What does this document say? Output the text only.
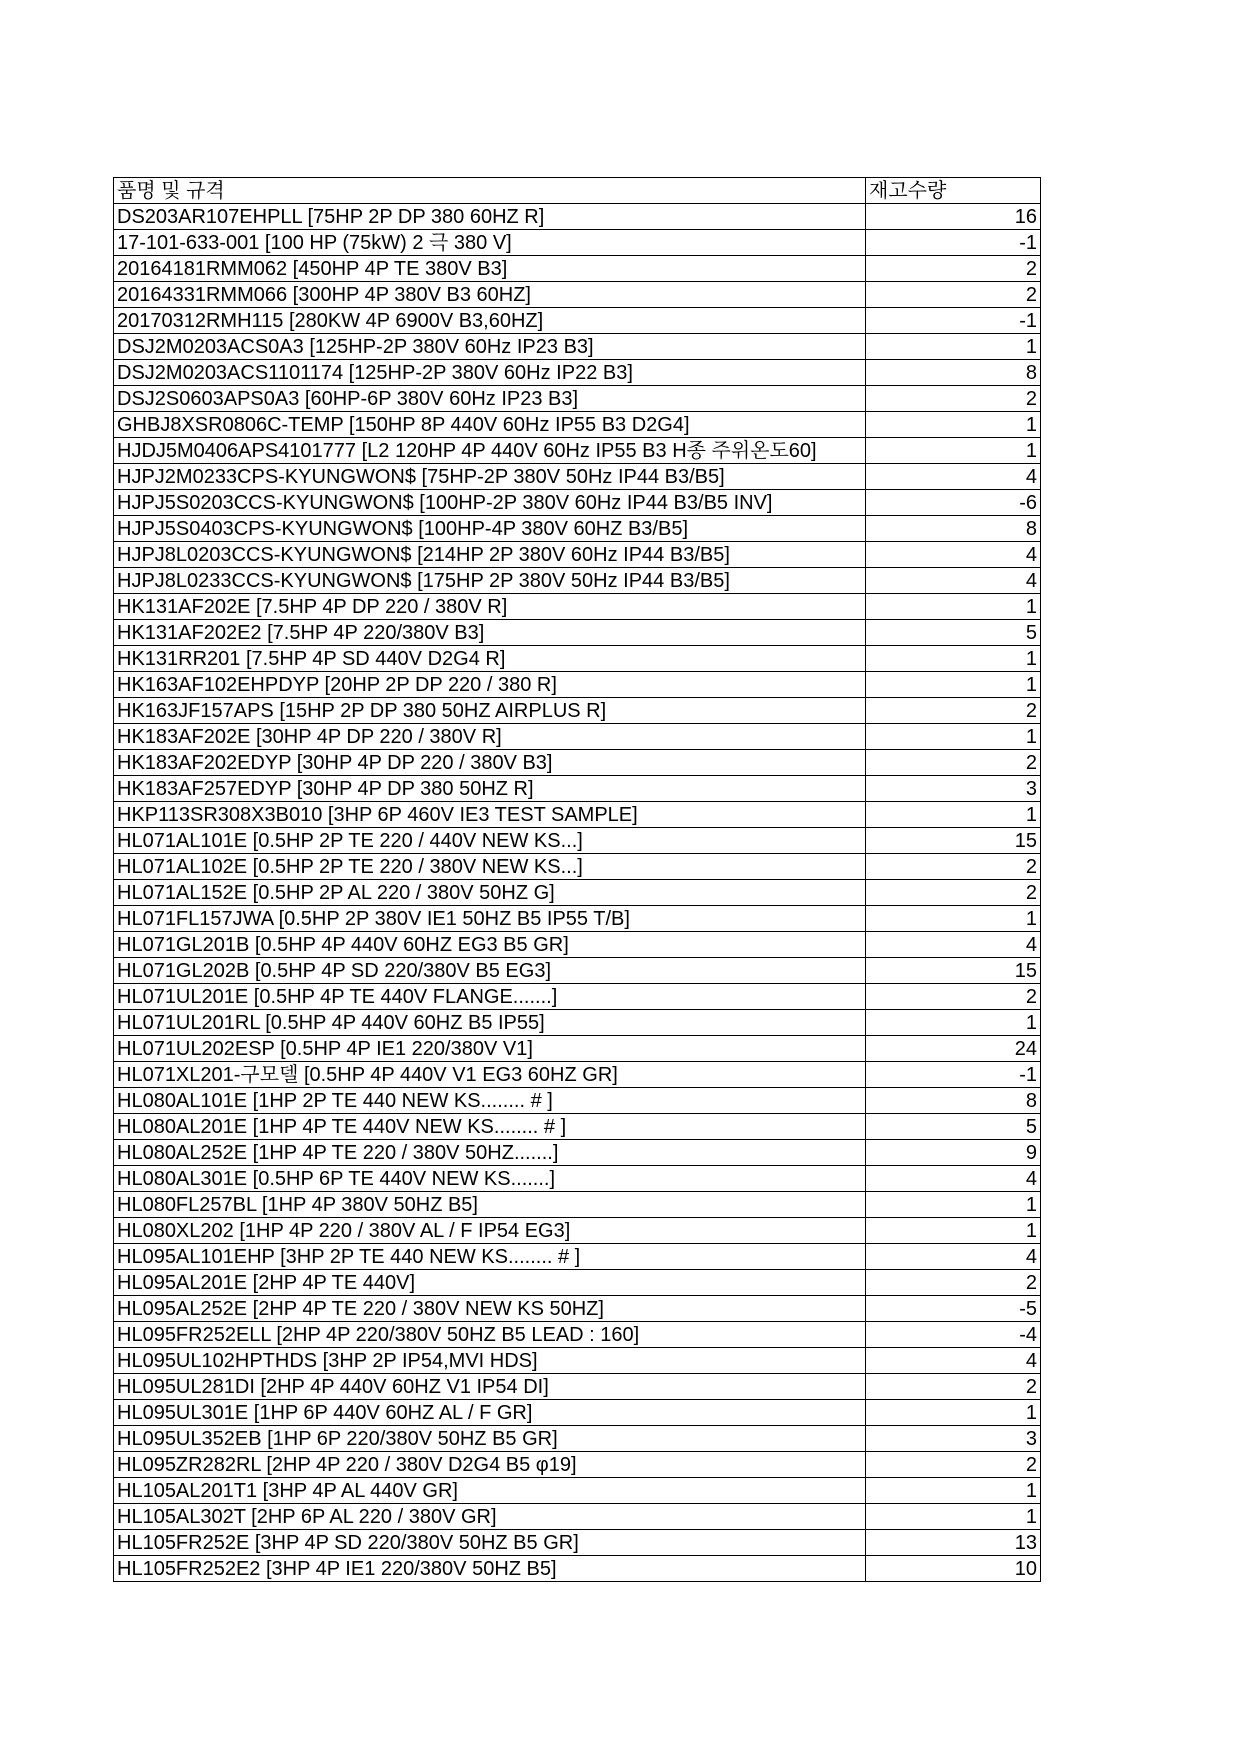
품명 및 규격	재고수량
DS203AR107EHPLL [75HP 2P DP 380 60HZ R]	16
17-101-633-001 [100 HP (75kW) 2 극 380 V]	-1
20164181RMM062 [450HP 4P TE 380V B3]	2
20164331RMM066 [300HP 4P 380V B3 60HZ]	2
20170312RMH115 [280KW 4P 6900V B3,60HZ]	-1
DSJ2M0203ACS0A3 [125HP-2P 380V 60Hz IP23 B3]	1
DSJ2M0203ACS1101174 [125HP-2P 380V 60Hz IP22 B3]	8
DSJ2S0603APS0A3 [60HP-6P 380V 60Hz IP23 B3]	2
GHBJ8XSR0806C-TEMP [150HP 8P 440V 60Hz IP55 B3 D2G4]	1
HJDJ5M0406APS4101777 [L2 120HP 4P 440V 60Hz IP55 B3 H종 주위온도60]	1
HJPJ2M0233CPS-KYUNGWON$ [75HP-2P 380V 50Hz IP44 B3/B5]	4
HJPJ5S0203CCS-KYUNGWON$ [100HP-2P 380V 60Hz IP44 B3/B5 INV]	-6
HJPJ5S0403CPS-KYUNGWON$ [100HP-4P 380V 60HZ B3/B5]	8
HJPJ8L0203CCS-KYUNGWON$ [214HP 2P 380V 60Hz IP44 B3/B5]	4
HJPJ8L0233CCS-KYUNGWON$ [175HP 2P 380V 50Hz IP44 B3/B5]	4
HK131AF202E [7.5HP 4P DP 220 / 380V R]	1
HK131AF202E2 [7.5HP 4P 220/380V B3]	5
HK131RR201 [7.5HP 4P SD 440V D2G4 R]	1
HK163AF102EHPDYP [20HP 2P DP 220 / 380 R]	1
HK163JF157APS [15HP 2P DP 380 50HZ AIRPLUS R]	2
HK183AF202E [30HP 4P DP 220 / 380V R]	1
HK183AF202EDYP [30HP 4P DP 220 / 380V B3]	2
HK183AF257EDYP [30HP 4P DP 380 50HZ R]	3
HKP113SR308X3B010 [3HP 6P 460V IE3 TEST SAMPLE]	1
HL071AL101E [0.5HP 2P TE 220 / 440V NEW KS...]	15
HL071AL102E [0.5HP 2P TE 220 / 380V NEW KS...]	2
HL071AL152E [0.5HP 2P AL 220 / 380V 50HZ G]	2
HL071FL157JWA [0.5HP 2P 380V IE1 50HZ B5 IP55 T/B]	1
HL071GL201B [0.5HP 4P 440V 60HZ EG3 B5 GR]	4
HL071GL202B [0.5HP 4P SD 220/380V B5 EG3]	15
HL071UL201E [0.5HP 4P TE 440V FLANGE.......]	2
HL071UL201RL [0.5HP 4P 440V 60HZ B5 IP55]	1
HL071UL202ESP [0.5HP 4P IE1 220/380V V1]	24
HL071XL201-구모델 [0.5HP 4P 440V V1 EG3 60HZ GR]	-1
HL080AL101E [1HP 2P TE 440 NEW KS........ # ]	8
HL080AL201E [1HP 4P TE 440V NEW KS........ # ]	5
HL080AL252E [1HP 4P TE 220 / 380V 50HZ.......]	9
HL080AL301E [0.5HP 6P TE 440V NEW KS.......]	4
HL080FL257BL [1HP 4P 380V 50HZ B5]	1
HL080XL202 [1HP 4P 220 / 380V AL / F IP54 EG3]	1
HL095AL101EHP [3HP 2P TE 440 NEW KS........ # ]	4
HL095AL201E [2HP 4P TE 440V]	2
HL095AL252E [2HP 4P TE 220 / 380V NEW KS 50HZ]	-5
HL095FR252ELL [2HP 4P 220/380V 50HZ B5 LEAD : 160]	-4
HL095UL102HPTHDS [3HP 2P IP54,MVI HDS]	4
HL095UL281DI [2HP 4P 440V 60HZ V1 IP54 DI]	2
HL095UL301E [1HP 6P 440V 60HZ AL / F GR]	1
HL095UL352EB [1HP 6P 220/380V 50HZ B5 GR]	3
HL095ZR282RL [2HP 4P 220 / 380V D2G4 B5 φ19]	2
HL105AL201T1 [3HP 4P AL 440V GR]	1
HL105AL302T [2HP 6P AL 220 / 380V GR]	1
HL105FR252E [3HP 4P SD 220/380V 50HZ B5 GR]	13
HL105FR252E2 [3HP 4P IE1 220/380V 50HZ B5]	10
